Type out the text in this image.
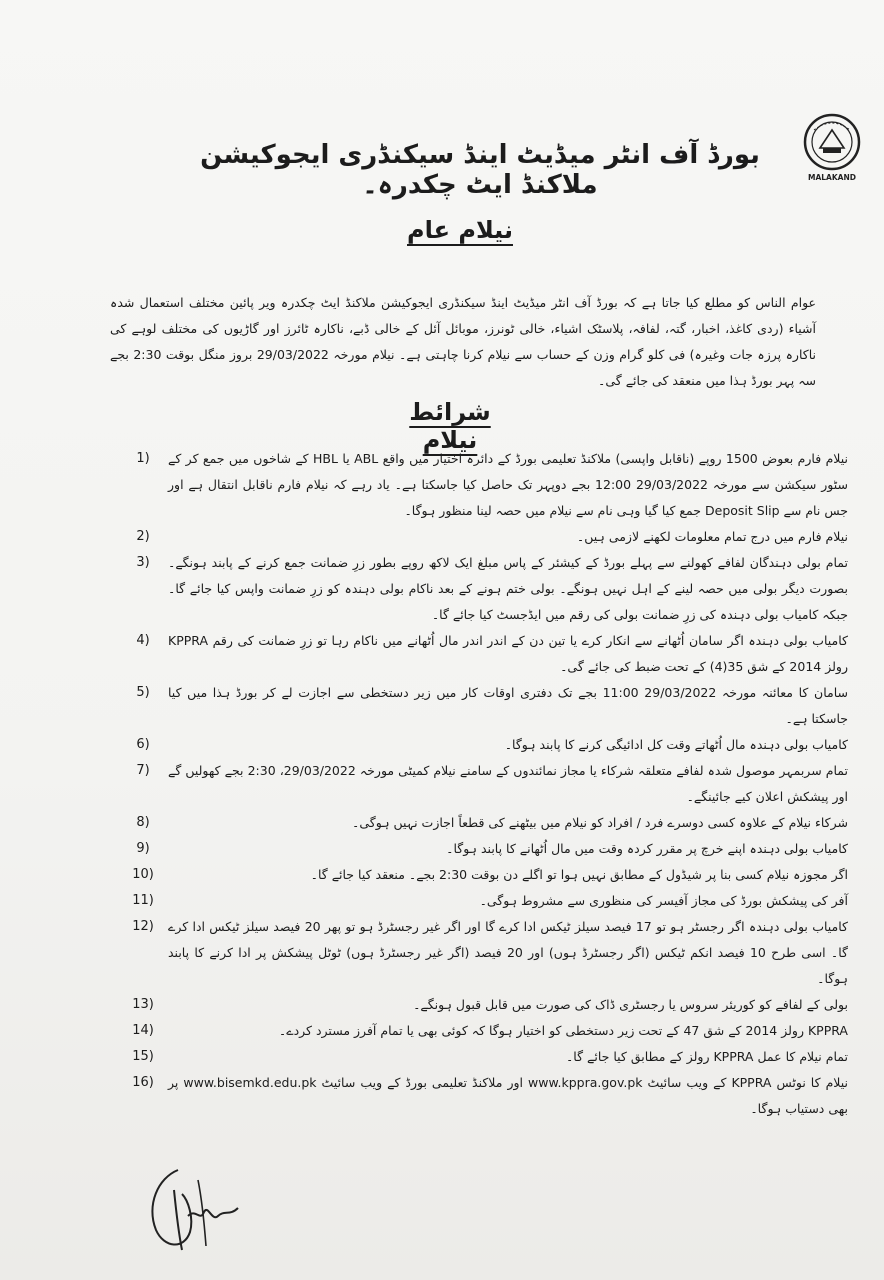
MALAKAND
بورڈ آف انٹر میڈیٹ اینڈ سیکنڈری ایجوکیشن ملاکنڈ ایٹ چکدرہ۔
نیلام عام
عوام الناس کو مطلع کیا جاتا ہے کہ بورڈ آف انٹر میڈیٹ اینڈ سیکنڈری ایجوکیشن ملاکنڈ ایٹ چکدرہ ویر پائین مختلف استعمال شدہ آشیاء (ردی کاغذ، اخبار، گتہ، لفافہ، پلاسٹک اشیاء، خالی ٹونرز، موبائل آئل کے خالی ڈبے، ناکارہ ٹائرز اور گاڑیوں کی مختلف لوہے کی ناکارہ پرزہ جات وغیرہ) فی کلو گرام وزن کے حساب سے نیلام کرنا چاہتی ہے۔ نیلام مورخہ 29/03/2022 بروز منگل بوقت 2:30 بجے سہ پہر بورڈ ہذا میں منعقد کی جائے گی۔
شرائط نیلام
نیلام فارم بعوض 1500 روپے (ناقابل واپسی) ملاکنڈ تعلیمی بورڈ کے دائرہ اختیار میں واقع ABL یا HBL کے شاخوں میں جمع کر کے سٹور سیکشن سے مورخہ 29/03/2022 12:00 بجے دوپہر تک حاصل کیا جاسکتا ہے۔ یاد رہے کہ نیلام فارم ناقابل انتقال ہے اور جس نام سے Deposit Slip جمع کیا گیا وہی نام سے نیلام میں حصہ لینا منظور ہوگا۔
1)
نیلام فارم میں درج تمام معلومات لکھنے لازمی ہیں۔
2)
تمام بولی دہندگان لفافے کھولنے سے پہلے بورڈ کے کیشئر کے پاس مبلغ ایک لاکھ روپے بطور زرِ ضمانت جمع کرنے کے پابند ہونگے۔ بصورت دیگر بولی میں حصہ لینے کے اہل نہیں ہونگے۔ بولی ختم ہونے کے بعد ناکام بولی دہندہ کو زرِ ضمانت واپس کیا جائے گا۔ جبکہ کامیاب بولی دہندہ کی زرِ ضمانت بولی کی رقم میں ایڈجسٹ کیا جائے گا۔
3)
کامیاب بولی دہندہ اگر سامان اُٹھانے سے انکار کرے یا تین دن کے اندر اندر مال اُٹھانے میں ناکام رہا تو زرِ ضمانت کی رقم KPPRA رولز 2014 کے شق 35(4) کے تحت ضبط کی جائے گی۔
4)
سامان کا معائنہ مورخہ 29/03/2022 11:00 بجے تک دفتری اوقات کار میں زیر دستخطی سے اجازت لے کر بورڈ ہذا میں کیا جاسکتا ہے۔
5)
کامیاب بولی دہندہ مال اُٹھاتے وقت کل ادائیگی کرنے کا پابند ہوگا۔
6)
تمام سربمہر موصول شدہ لفافے متعلقہ شرکاء یا مجاز نمائندوں کے سامنے نیلام کمیٹی مورخہ 29/03/2022، 2:30 بجے کھولیں گے اور پیشکش اعلان کیے جائینگے۔
7)
شرکاء نیلام کے علاوہ کسی دوسرے فرد / افراد کو نیلام میں بیٹھنے کی قطعاً اجازت نہیں ہوگی۔
8)
کامیاب بولی دہندہ اپنے خرچ پر مقرر کردہ وقت میں مال اُٹھانے کا پابند ہوگا۔
9)
اگر مجوزہ نیلام کسی بنا پر شیڈول کے مطابق نہیں ہوا تو اگلے دن بوقت 2:30 بجے۔ منعقد کیا جائے گا۔
10)
آفر کی پیشکش بورڈ کی مجاز آفیسر کی منظوری سے مشروط ہوگی۔
11)
کامیاب بولی دہندہ اگر رجسٹر ہو تو 17 فیصد سیلز ٹیکس ادا کرے گا اور اگر غیر رجسٹرڈ ہو تو پھر 20 فیصد سیلز ٹیکس ادا کرے گا۔ اسی طرح 10 فیصد انکم ٹیکس (اگر رجسٹرڈ ہوں) اور 20 فیصد (اگر غیر رجسٹرڈ ہوں) ٹوٹل پیشکش پر ادا کرنے کا پابند ہوگا۔
12)
بولی کے لفافے کو کوریئر سروس یا رجسٹری ڈاک کی صورت میں قابل قبول ہونگے۔
13)
KPPRA رولز 2014 کے شق 47 کے تحت زیر دستخطی کو اختیار ہوگا کہ کوئی بھی یا تمام آفرز مسترد کردے۔
14)
تمام نیلام کا عمل KPPRA رولز کے مطابق کیا جائے گا۔
15)
نیلام کا نوٹس KPPRA کے ویب سائیٹ www.kppra.gov.pk اور ملاکنڈ تعلیمی بورڈ کے ویب سائیٹ www.bisemkd.edu.pk پر بھی دستیاب ہوگا۔
16)
